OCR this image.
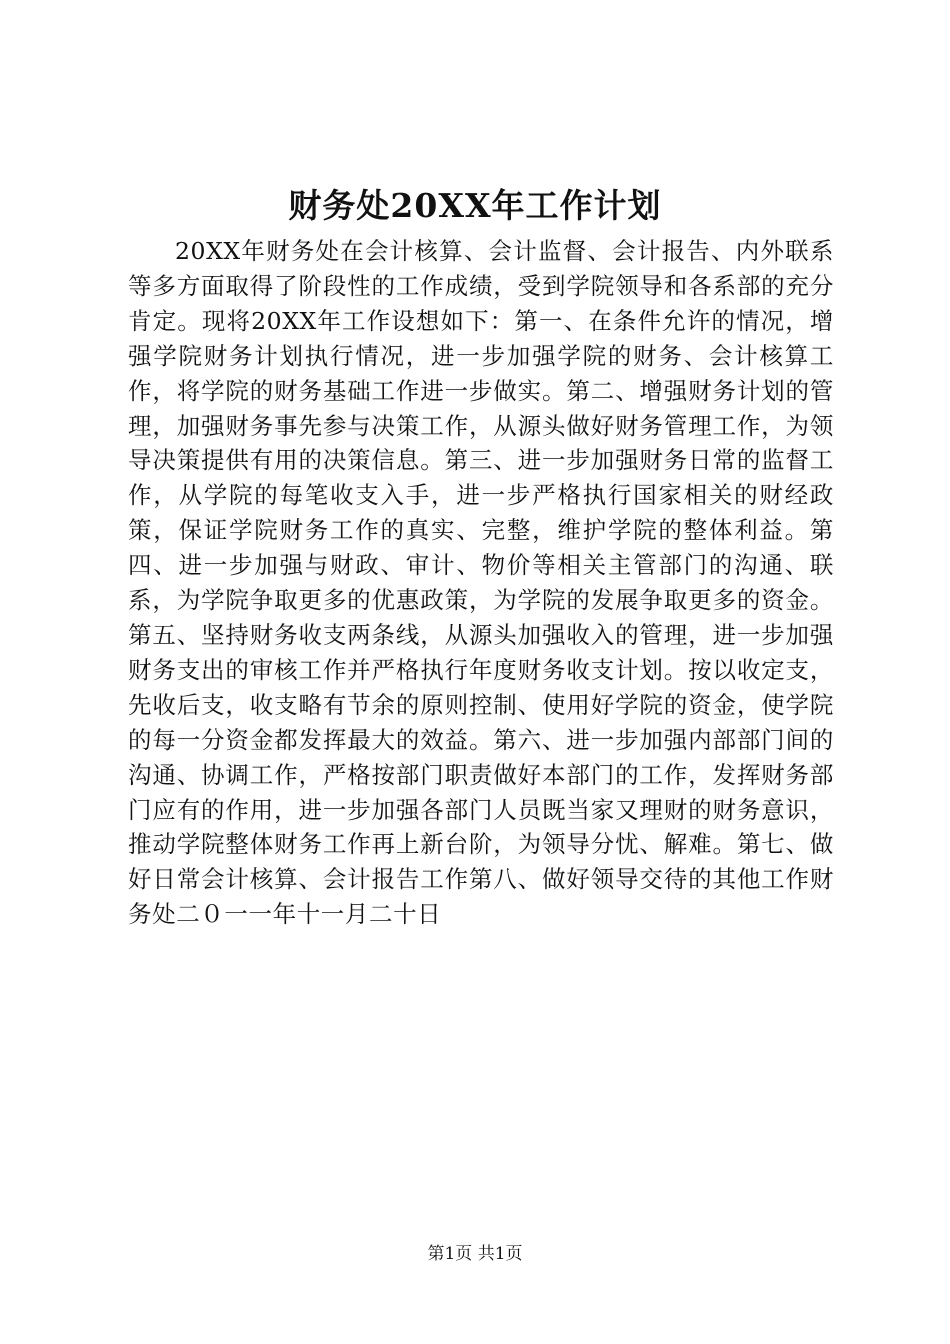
财务处20XX年工作计划

20XX年财务处在会计核算、会计监督、会计报告、内外联系等多方面取得了阶段性的工作成绩，受到学院领导和各系部的充分肯定。现将20XX年工作设想如下：第一、在条件允许的情况，增强学院财务计划执行情况，进一步加强学院的财务、会计核算工作，将学院的财务基础工作进一步做实。第二、增强财务计划的管理，加强财务事先参与决策工作，从源头做好财务管理工作，为领导决策提供有用的决策信息。第三、进一步加强财务日常的监督工作，从学院的每笔收支入手，进一步严格执行国家相关的财经政策，保证学院财务工作的真实、完整，维护学院的整体利益。第四、进一步加强与财政、审计、物价等相关主管部门的沟通、联系，为学院争取更多的优惠政策，为学院的发展争取更多的资金。第五、坚持财务收支两条线，从源头加强收入的管理，进一步加强财务支出的审核工作并严格执行年度财务收支计划。按以收定支，先收后支，收支略有节余的原则控制、使用好学院的资金，使学院的每一分资金都发挥最大的效益。第六、进一步加强内部部门间的沟通、协调工作，严格按部门职责做好本部门的工作，发挥财务部门应有的作用，进一步加强各部门人员既当家又理财的财务意识，推动学院整体财务工作再上新台阶，为领导分忧、解难。第七、做好日常会计核算、会计报告工作第八、做好领导交待的其他工作财务处二０一一年十一月二十日

第1页 共1页
